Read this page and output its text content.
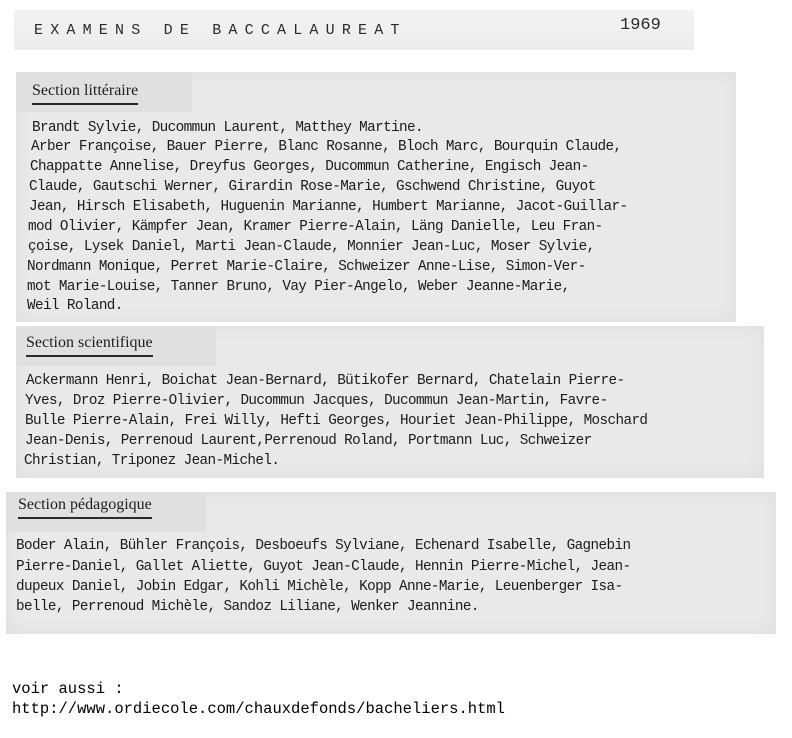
EXAMENS DE BACCALAUREAT	1969
Section littéraire

Brandt Sylvie, Ducommun Laurent, Matthey Martine.

Arber Françoise, Bauer Pierre, Blanc Rosanne, Bloch Marc, Bourquin Claude,

Chappatte Annelise, Dreyfus Georges, Ducommun Catherine, Engisch Jean-

Claude, Gautschi Werner, Girardin Rose-Marie, Gschwend Christine, Guyot

Jean, Hirsch Elisabeth, Huguenin Marianne, Humbert Marianne, Jacot-Guillar-

mod Olivier, Kämpfer Jean, Kramer Pierre-Alain, Läng Danielle, Leu Fran-

çoise, Lysek Daniel, Marti Jean-Claude, Monnier Jean-Luc, Moser Sylvie,

Nordmann Monique, Perret Marie-Claire, Schweizer Anne-Lise, Simon-Ver-

mot Marie-Louise, Tanner Bruno, Vay Pier-Angelo, Weber Jeanne-Marie,

Weil Roland.

Section scientifique

Ackermann Henri, Boichat Jean-Bernard, Bütikofer Bernard, Chatelain Pierre-

Yves, Droz Pierre-Olivier, Ducommun Jacques, Ducommun Jean-Martin, Favre-

Bulle Pierre-Alain, Frei Willy, Hefti Georges, Houriet Jean-Philippe, Moschard

Jean-Denis, Perrenoud Laurent,Perrenoud Roland, Portmann Luc, Schweizer

Christian, Triponez Jean-Michel.

Section pédagogique

Boder Alain, Bühler François, Desboeufs Sylviane, Echenard Isabelle, Gagnebin

Pierre-Daniel, Gallet Aliette, Guyot Jean-Claude, Hennin Pierre-Michel, Jean-

dupeux Daniel, Jobin Edgar, Kohli Michèle, Kopp Anne-Marie, Leuenberger Isa-

belle, Perrenoud Michèle, Sandoz Liliane, Wenker Jeannine.

voir aussi :

http://www.ordiecole.com/chauxdefonds/bacheliers.html
